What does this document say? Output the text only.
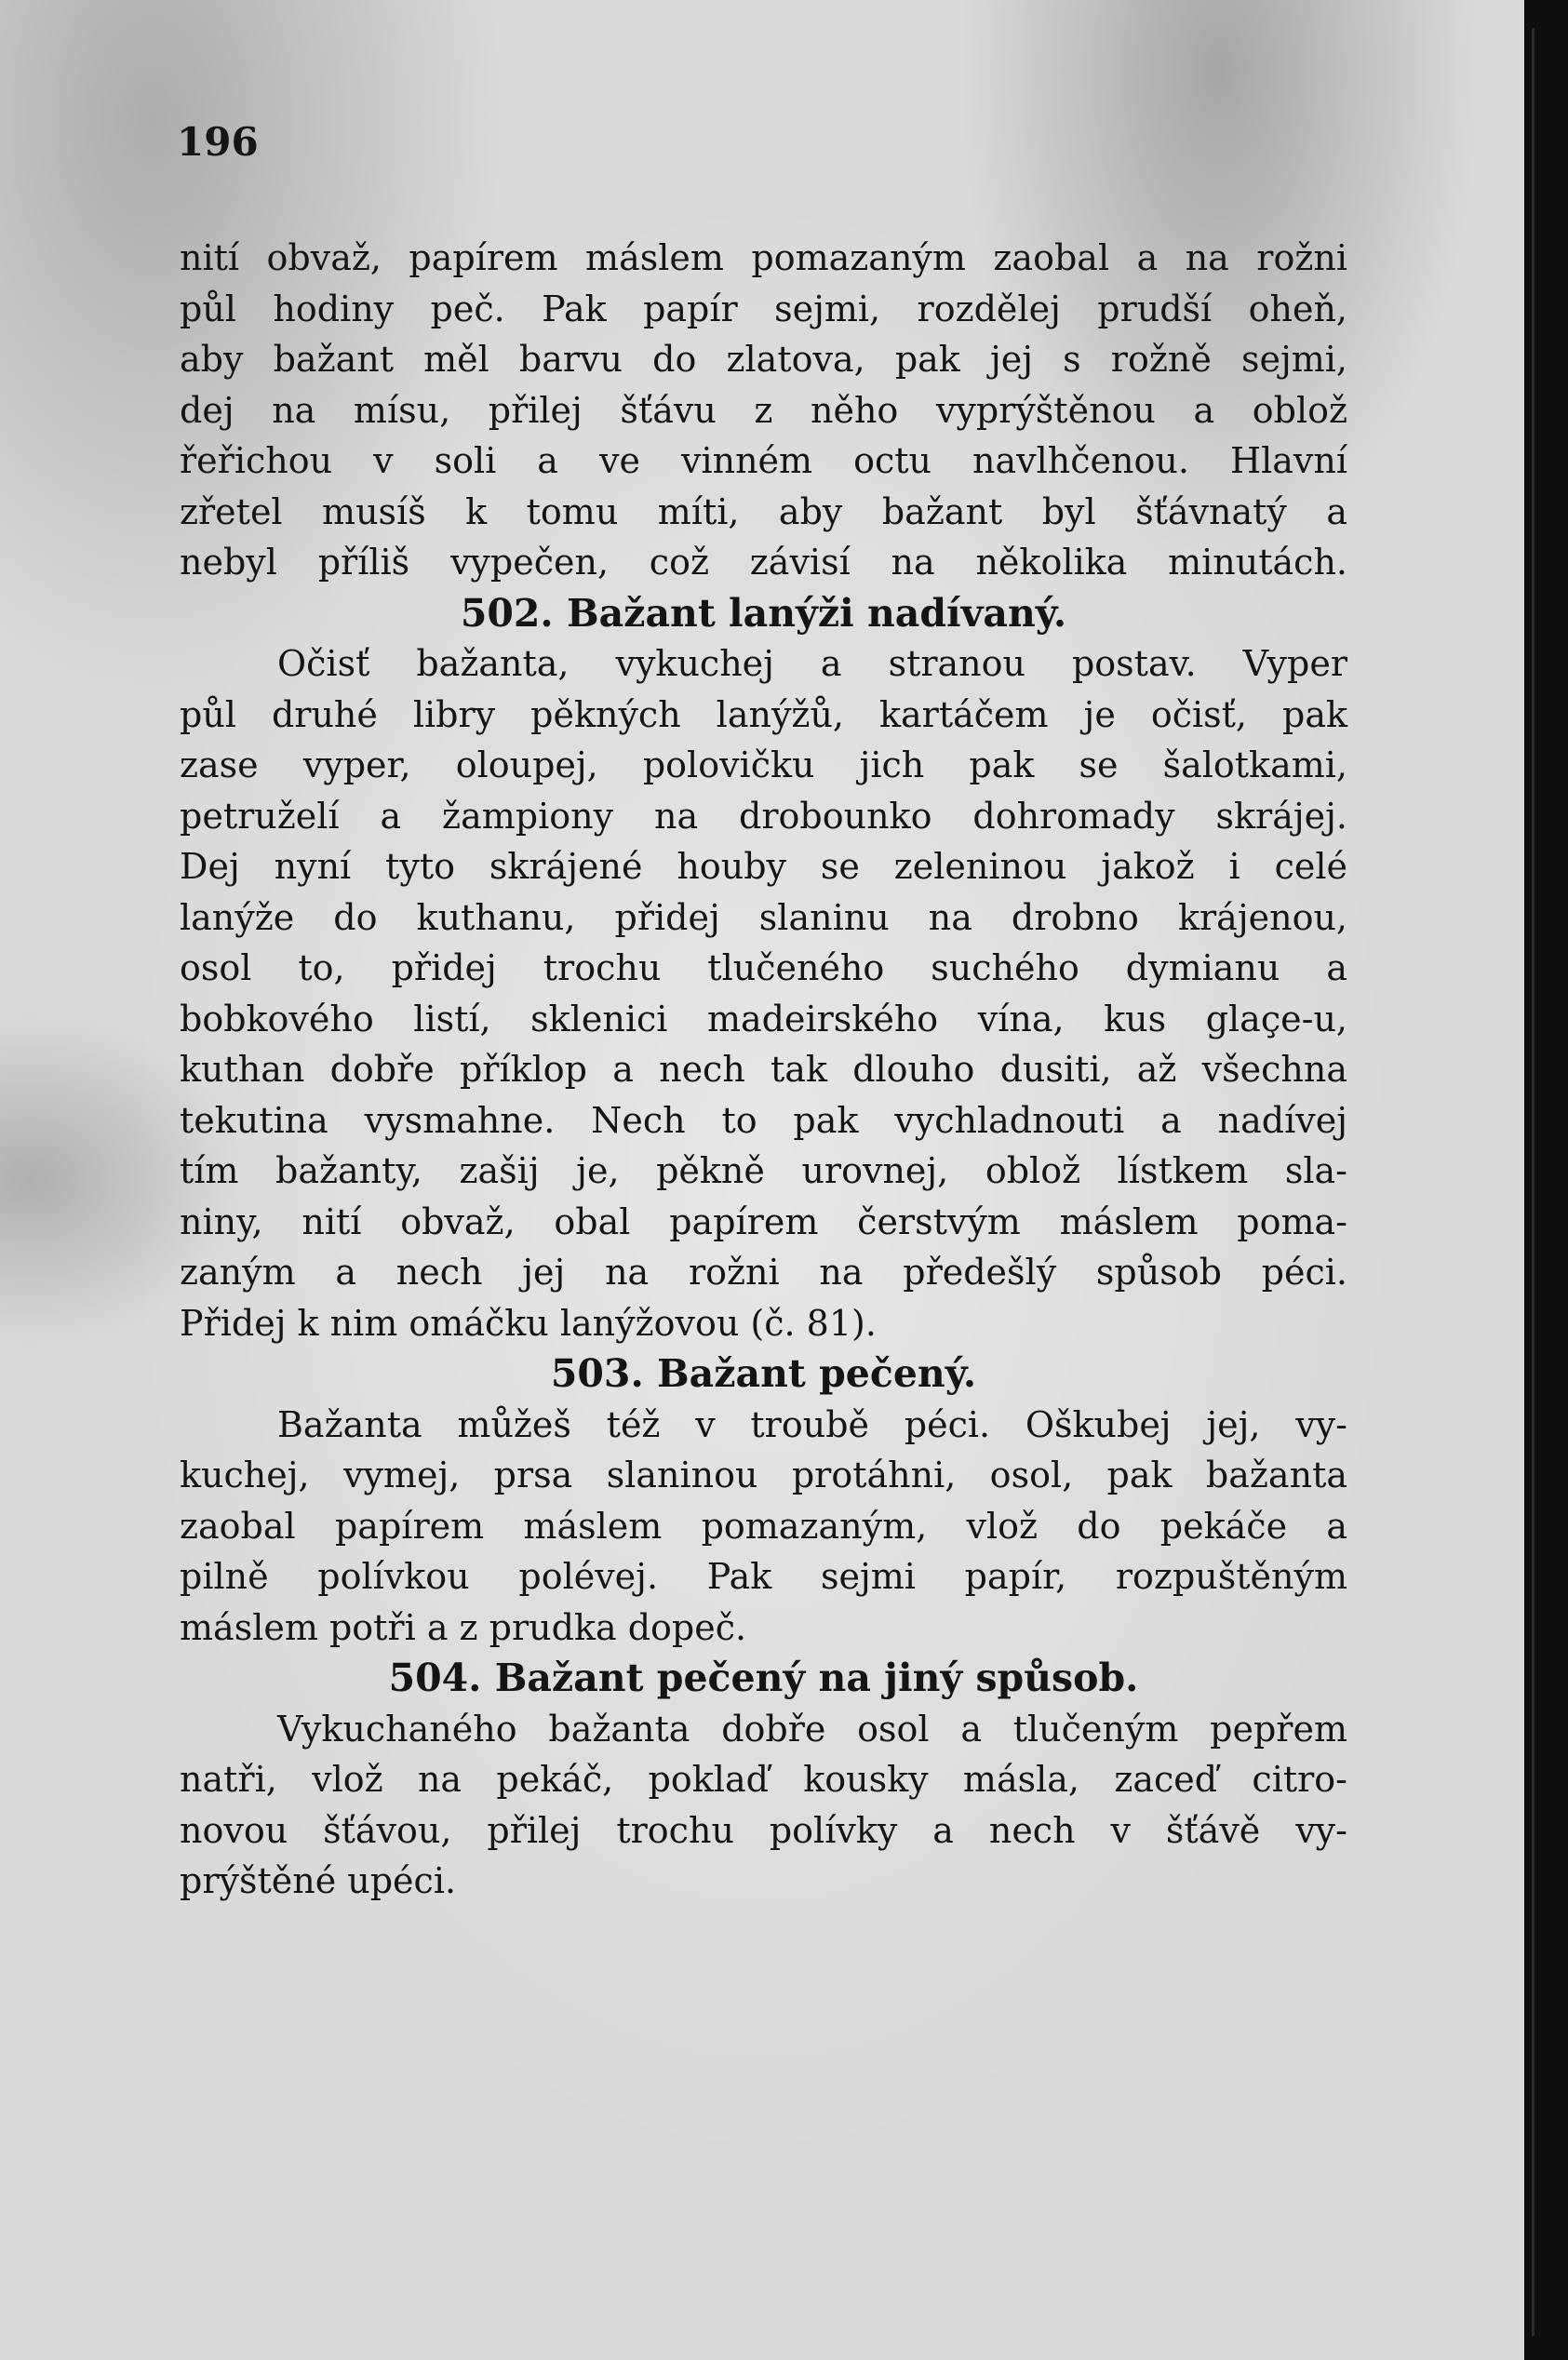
196
nití obvaž, papírem máslem pomazaným zaobal a na rožni
půl hodiny peč. Pak papír sejmi, rozdělej prudší oheň,
aby bažant měl barvu do zlatova, pak jej s rožně sejmi,
dej na mísu, přilej šťávu z něho vyprýštěnou a oblož
řeřichou v soli a ve vinném octu navlhčenou. Hlavní
zřetel musíš k tomu míti, aby bažant byl šťávnatý a
nebyl příliš vypečen, což závisí na několika minutách.
502. Bažant lanýži nadívaný.
Očisť bažanta, vykuchej a stranou postav. Vyper
půl druhé libry pěkných lanýžů, kartáčem je očisť, pak
zase vyper, oloupej, polovičku jich pak se šalotkami,
petruželí a žampiony na drobounko dohromady skrájej.
Dej nyní tyto skrájené houby se zeleninou jakož i celé
lanýže do kuthanu, přidej slaninu na drobno krájenou,
osol to, přidej trochu tlučeného suchého dymianu a
bobkového listí, sklenici madeirského vína, kus glaçe-u,
kuthan dobře příklop a nech tak dlouho dusiti, až všechna
tekutina vysmahne. Nech to pak vychladnouti a nadívej
tím bažanty, zašij je, pěkně urovnej, oblož lístkem sla-
niny, nití obvaž, obal papírem čerstvým máslem poma-
zaným a nech jej na rožni na předešlý spůsob péci.
Přidej k nim omáčku lanýžovou (č. 81).
503. Bažant pečený.
Bažanta můžeš též v troubě péci. Oškubej jej, vy-
kuchej, vymej, prsa slaninou protáhni, osol, pak bažanta
zaobal papírem máslem pomazaným, vlož do pekáče a
pilně polívkou polévej. Pak sejmi papír, rozpuštěným
máslem potři a z prudka dopeč.
504. Bažant pečený na jiný spůsob.
Vykuchaného bažanta dobře osol a tlučeným pepřem
natři, vlož na pekáč, poklaď kousky másla, zaceď citro-
novou šťávou, přilej trochu polívky a nech v šťávě vy-
prýštěné upéci.
